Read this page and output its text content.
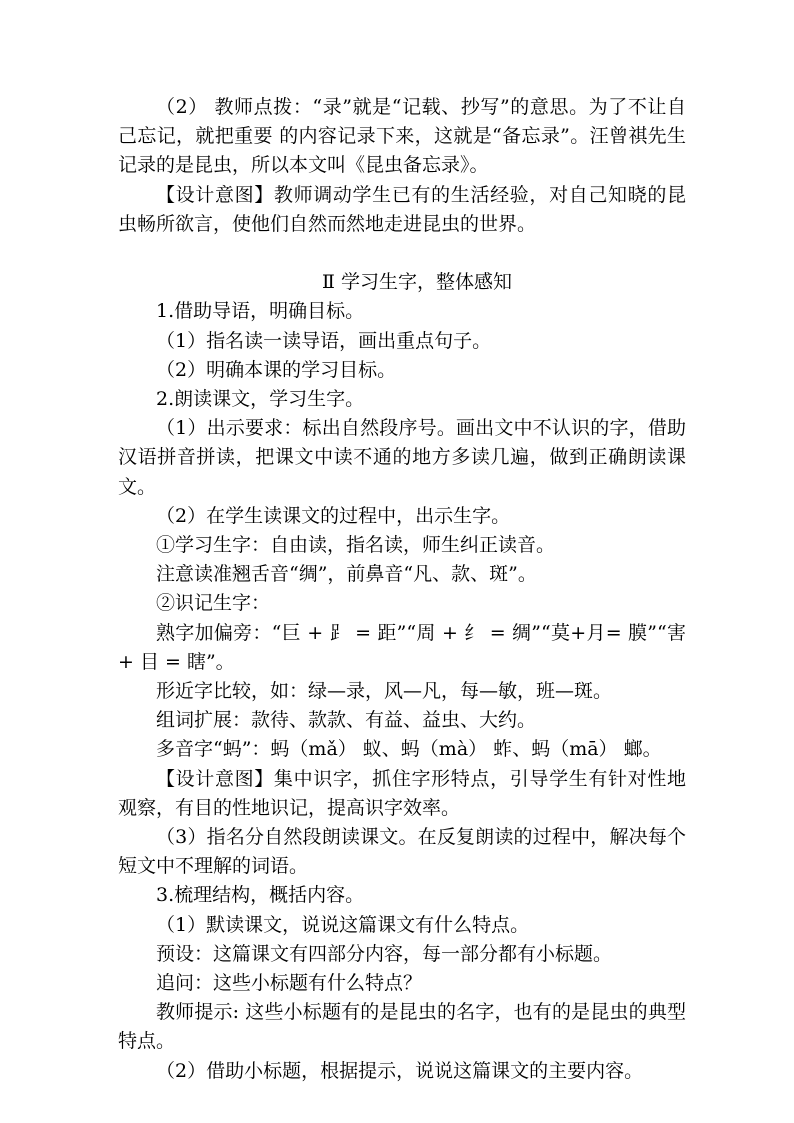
（2） 教师点拨：“录”就是“记载、抄写”的意思。为了不让自己忘记，就把重要 的内容记录下来，这就是“备忘录”。汪曾祺先生记录的是昆虫，所以本文叫《昆虫备忘录》。

【设计意图】教师调动学生已有的生活经验，对自己知晓的昆虫畅所欲言，使他们自然而然地走进昆虫的世界。

Ⅱ 学习生字，整体感知

1.借助导语，明确目标。

（1）指名读一读导语，画出重点句子。

（2）明确本课的学习目标。

2.朗读课文，学习生字。

（1）出示要求：标出自然段序号。画出文中不认识的字，借助汉语拼音拼读，把课文中读不通的地方多读几遍，做到正确朗读课文。

（2）在学生读课文的过程中，出示生字。

①学习生字：自由读，指名读，师生纠正读音。

注意读准翘舌音“绸”，前鼻音“凡、款、斑”。

②识记生字：

熟字加偏旁：“巨 + ⻊ = 距”“周 + 纟 = 绸”“莫+月= 膜”“害 + 目 = 瞎”。

形近字比较，如：绿—录，风—凡，每—敏，班—斑。

组词扩展：款待、款款、有益、益虫、大约。

多音字“蚂”：蚂（mǎ） 蚁、蚂（mà） 蚱、蚂（mā） 螂。

【设计意图】集中识字，抓住字形特点，引导学生有针对性地观察，有目的性地识记，提高识字效率。

（3）指名分自然段朗读课文。在反复朗读的过程中，解决每个短文中不理解的词语。

3.梳理结构，概括内容。

（1）默读课文，说说这篇课文有什么特点。

预设：这篇课文有四部分内容，每一部分都有小标题。

追问：这些小标题有什么特点？

教师提示: 这些小标题有的是昆虫的名字，也有的是昆虫的典型特点。

（2）借助小标题，根据提示，说说这篇课文的主要内容。
